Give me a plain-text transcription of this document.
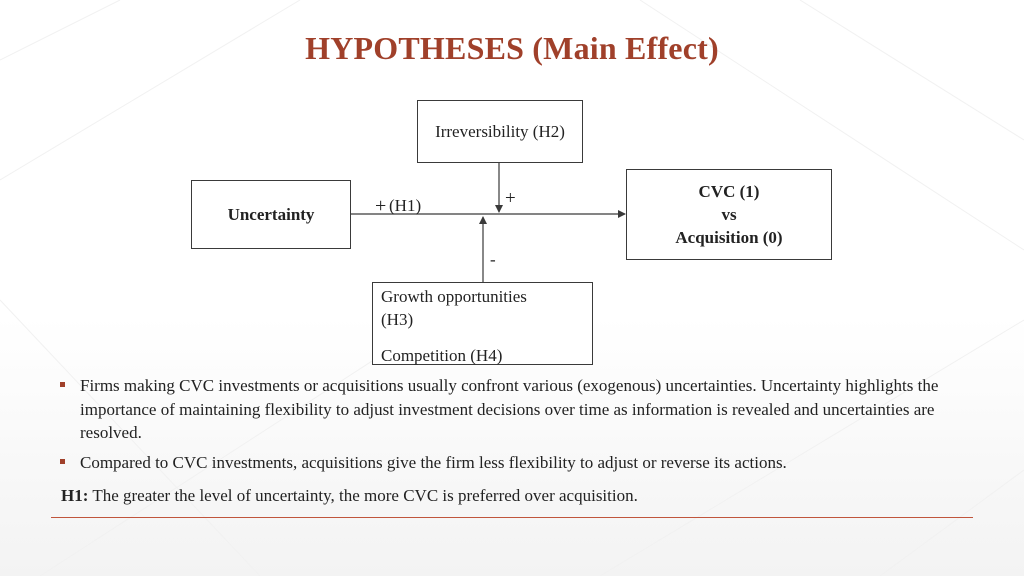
HYPOTHESES (Main Effect)
Irreversibility (H2)
Uncertainty
CVC (1)
vs
Acquisition (0)
Growth opportunities
(H3)
Competition (H4)
+ (H1)	+
-
Firms making CVC investments or acquisitions usually confront various (exogenous) uncertainties. Uncertainty highlights the importance of maintaining flexibility to adjust investment decisions over time as information is revealed and uncertainties are resolved.
Compared to CVC investments, acquisitions give the firm less flexibility to adjust or reverse its actions.
H1: The greater the level of uncertainty, the more CVC is preferred over acquisition.
